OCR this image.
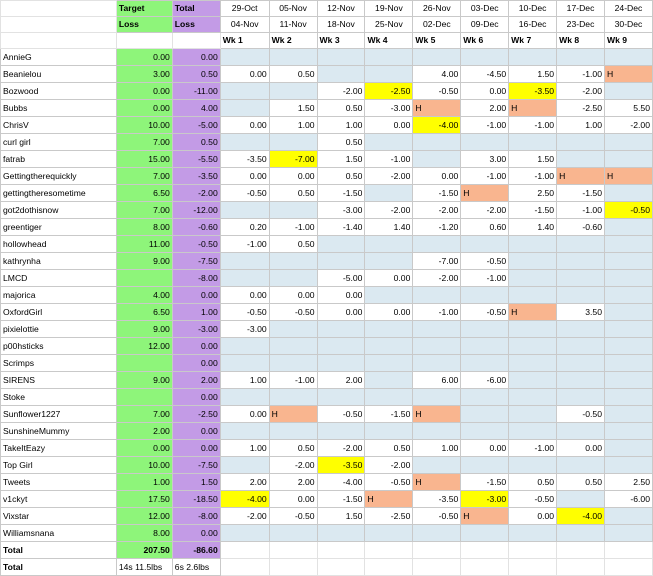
	Target	Total	29-Oct	05-Nov	12-Nov	19-Nov	26-Nov	03-Dec	10-Dec	17-Dec	24-Dec
	Loss	Loss	04-Nov	11-Nov	18-Nov	25-Nov	02-Dec	09-Dec	16-Dec	23-Dec	30-Dec
			Wk 1	Wk 2	Wk 3	Wk 4	Wk 5	Wk 6	Wk 7	Wk 8	Wk 9
AnnieG	0.00	0.00									
Beanielou	3.00	0.50	0.00	0.50			4.00	-4.50	1.50	-1.00	H
Bozwood	0.00	-11.00			-2.00	-2.50	-0.50	0.00	-3.50	-2.00	
Bubbs	0.00	4.00		1.50	0.50	-3.00	H	2.00	H	-2.50	5.50
ChrisV	10.00	-5.00	0.00	1.00	1.00	0.00	-4.00	-1.00	-1.00	1.00	-2.00
curl girl	7.00	0.50			0.50						
fatrab	15.00	-5.50	-3.50	-7.00	1.50	-1.00		3.00	1.50		
Gettingtherequickly	7.00	-3.50	0.00	0.00	0.50	-2.00	0.00	-1.00	-1.00	H	H
gettingtheresometime	6.50	-2.00	-0.50	0.50	-1.50		-1.50	H	2.50	-1.50	
got2dothisnow	7.00	-12.00			-3.00	-2.00	-2.00	-2.00	-1.50	-1.00	-0.50
greentiger	8.00	-0.60	0.20	-1.00	-1.40	1.40	-1.20	0.60	1.40	-0.60	
hollowhead	11.00	-0.50	-1.00	0.50							
kathrynha	9.00	-7.50					-7.00	-0.50			
LMCD		-8.00			-5.00	0.00	-2.00	-1.00			
majorica	4.00	0.00	0.00	0.00	0.00						
OxfordGirl	6.50	1.00	-0.50	-0.50	0.00	0.00	-1.00	-0.50	H	3.50	
pixielottie	9.00	-3.00	-3.00								
p00hsticks	12.00	0.00									
Scrimps		0.00									
SIRENS	9.00	2.00	1.00	-1.00	2.00		6.00	-6.00			
Stoke		0.00									
Sunflower1227	7.00	-2.50	0.00	H	-0.50	-1.50	H			-0.50	
SunshineMummy	2.00	0.00									
TakeItEazy	0.00	0.00	1.00	0.50	-2.00	0.50	1.00	0.00	-1.00	0.00	
Top Girl	10.00	-7.50		-2.00	-3.50	-2.00					
Tweets	1.00	1.50	2.00	2.00	-4.00	-0.50	H	-1.50	0.50	0.50	2.50
v1ckyt	17.50	-18.50	-4.00	0.00	-1.50	H	-3.50	-3.00	-0.50		-6.00
Vixstar	12.00	-8.00	-2.00	-0.50	1.50	-2.50	-0.50	H	0.00	-4.00	
Williamsnana	8.00	0.00									
Total	207.50	-86.60									
Total	14s 11.5lbs	6s 2.6lbs									
